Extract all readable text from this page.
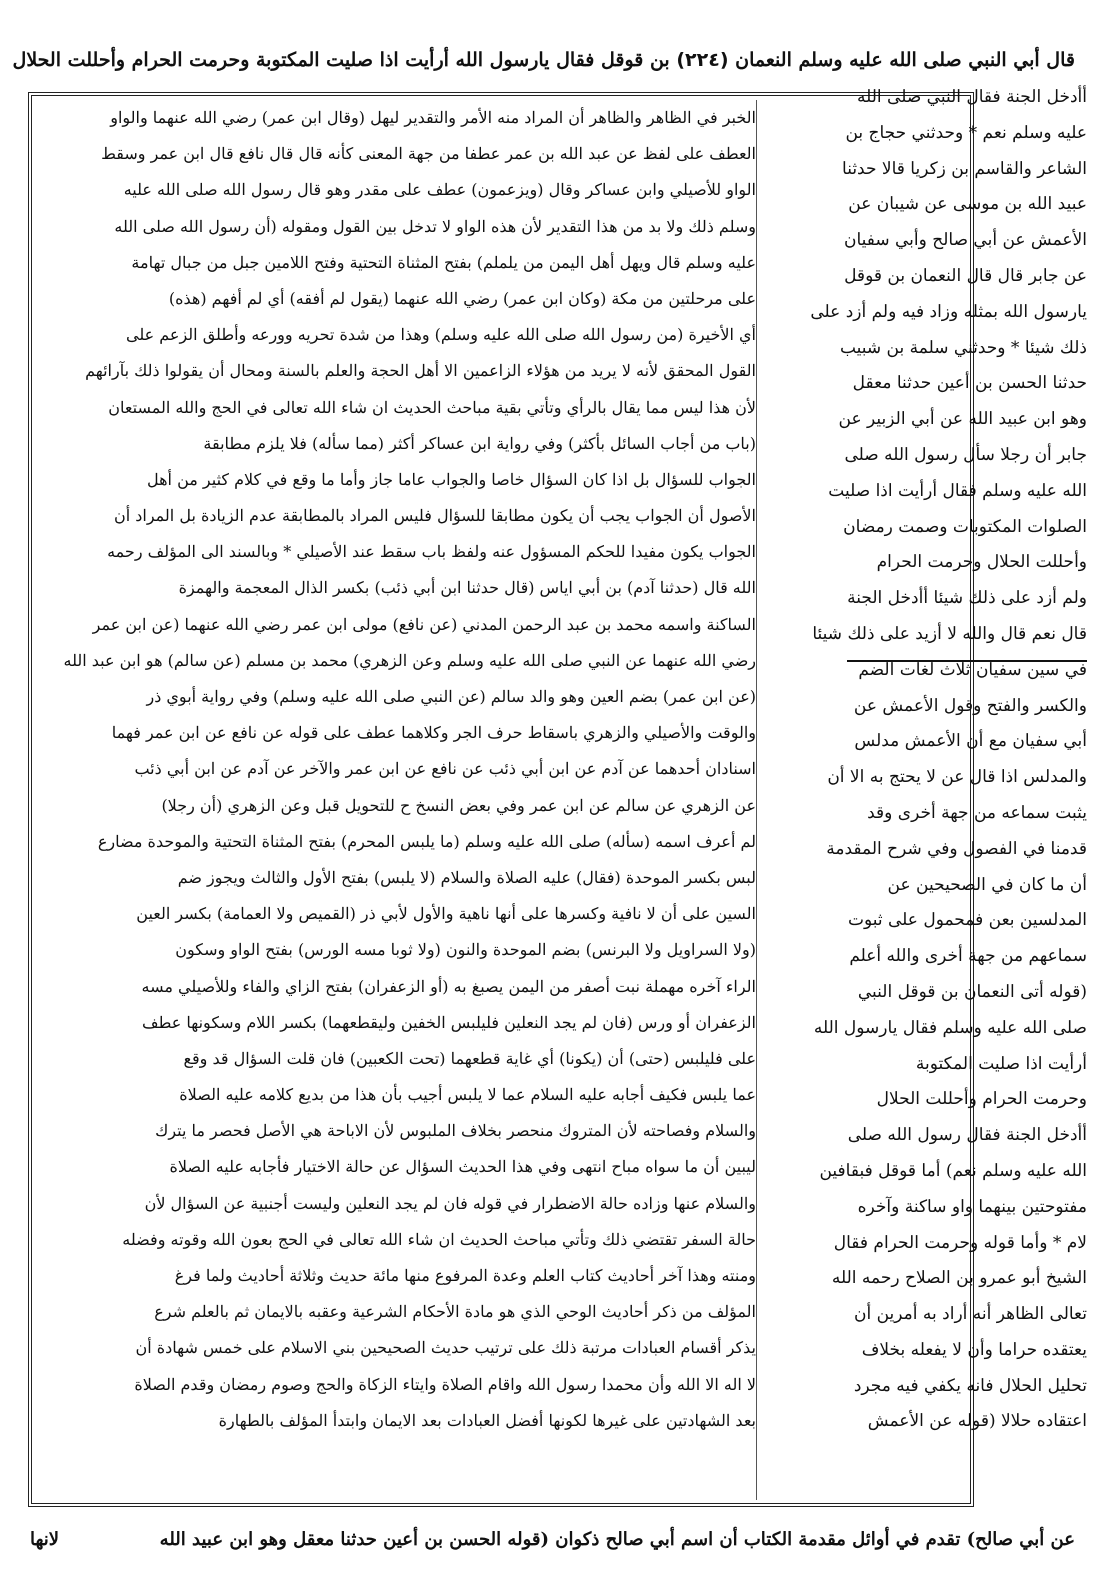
قال أبي النبي صلى الله عليه وسلم النعمان (٢٢٤) بن قوقل فقال يارسول الله أرأيت اذا صليت المكتوبة وحرمت الحرام وأحللت الحلال
أأدخل الجنة فقال النبي صلى الله
عليه وسلم نعم * وحدثني حجاج بن
الشاعر والقاسم بن زكريا قالا حدثنا
عبيد الله بن موسى عن شيبان عن
الأعمش عن أبي صالح وأبي سفيان
عن جابر قال قال النعمان بن قوقل
يارسول الله بمثله وزاد فيه ولم أزد على
ذلك شيئا * وحدثني سلمة بن شبيب
حدثنا الحسن بن أعين حدثنا معقل
وهو ابن عبيد الله عن أبي الزبير عن
جابر أن رجلا سأل رسول الله صلى
الله عليه وسلم فقال أرأيت اذا صليت
الصلوات المكتوبات وصمت رمضان
وأحللت الحلال وحرمت الحرام
ولم أزد على ذلك شيئا أأدخل الجنة
قال نعم قال والله لا أزيد على ذلك شيئا
في سين سفيان ثلاث لغات الضم
والكسر والفتح وقول الأعمش عن
أبي سفيان مع أن الأعمش مدلس
والمدلس اذا قال عن لا يحتج به الا أن
يثبت سماعه من جهة أخرى وقد
قدمنا في الفصول وفي شرح المقدمة
أن ما كان في الصحيحين عن
المدلسين بعن فمحمول على ثبوت
سماعهم من جهة أخرى والله أعلم
(قوله أتى النعمان بن قوقل النبي
صلى الله عليه وسلم فقال يارسول الله
أرأيت اذا صليت المكتوبة
وحرمت الحرام وأحللت الحلال
أأدخل الجنة فقال رسول الله صلى
الله عليه وسلم نعم) أما قوقل فبقافين
مفتوحتين بينهما واو ساكنة وآخره
لام * وأما قوله وحرمت الحرام فقال
الشيخ أبو عمرو بن الصلاح رحمه الله
تعالى الظاهر أنه أراد به أمرين أن
يعتقده حراما وأن لا يفعله بخلاف
تحليل الحلال فانه يكفي فيه مجرد
اعتقاده حلالا (قوله عن الأعمش
الخبر في الظاهر والظاهر أن المراد منه الأمر والتقدير ليهل (وقال ابن عمر) رضي الله عنهما والواو
العطف على لفظ عن عبد الله بن عمر عطفا من جهة المعنى كأنه قال قال نافع قال ابن عمر وسقط
الواو للأصيلي وابن عساكر وقال (ويزعمون) عطف على مقدر وهو قال رسول الله صلى الله عليه
وسلم ذلك ولا بد من هذا التقدير لأن هذه الواو لا تدخل بين القول ومقوله (أن رسول الله صلى الله
عليه وسلم قال ويهل أهل اليمن من يلملم) بفتح المثناة التحتية وفتح اللامين جبل من جبال تهامة
على مرحلتين من مكة (وكان ابن عمر) رضي الله عنهما (يقول لم أفقه) أي لم أفهم (هذه)
أي الأخيرة (من رسول الله صلى الله عليه وسلم) وهذا من شدة تحريه وورعه وأطلق الزعم على
القول المحقق لأنه لا يريد من هؤلاء الزاعمين الا أهل الحجة والعلم بالسنة ومحال أن يقولوا ذلك بآرائهم
لأن هذا ليس مما يقال بالرأي وتأتي بقية مباحث الحديث ان شاء الله تعالى في الحج والله المستعان
(باب من أجاب السائل بأكثر) وفي رواية ابن عساكر أكثر (مما سأله) فلا يلزم مطابقة
الجواب للسؤال بل اذا كان السؤال خاصا والجواب عاما جاز وأما ما وقع في كلام كثير من أهل
الأصول أن الجواب يجب أن يكون مطابقا للسؤال فليس المراد بالمطابقة عدم الزيادة بل المراد أن
الجواب يكون مفيدا للحكم المسؤول عنه ولفظ باب سقط عند الأصيلي * وبالسند الى المؤلف رحمه
الله قال (حدثنا آدم) بن أبي اياس (قال حدثنا ابن أبي ذئب) بكسر الذال المعجمة والهمزة
الساكنة واسمه محمد بن عبد الرحمن المدني (عن نافع) مولى ابن عمر رضي الله عنهما (عن ابن عمر
رضي الله عنهما عن النبي صلى الله عليه وسلم وعن الزهري) محمد بن مسلم (عن سالم) هو ابن عبد الله
(عن ابن عمر) بضم العين وهو والد سالم (عن النبي صلى الله عليه وسلم) وفي رواية أبوي ذر
والوقت والأصيلي والزهري باسقاط حرف الجر وكلاهما عطف على قوله عن نافع عن ابن عمر فهما
اسنادان أحدهما عن آدم عن ابن أبي ذئب عن نافع عن ابن عمر والآخر عن آدم عن ابن أبي ذئب
عن الزهري عن سالم عن ابن عمر وفي بعض النسخ ح للتحويل قبل وعن الزهري (أن رجلا)
لم أعرف اسمه (سأله) صلى الله عليه وسلم (ما يلبس المحرم) بفتح المثناة التحتية والموحدة مضارع
لبس بكسر الموحدة (فقال) عليه الصلاة والسلام (لا يلبس) بفتح الأول والثالث ويجوز ضم
السين على أن لا نافية وكسرها على أنها ناهية والأول لأبي ذر (القميص ولا العمامة) بكسر العين
(ولا السراويل ولا البرنس) بضم الموحدة والنون (ولا ثوبا مسه الورس) بفتح الواو وسكون
الراء آخره مهملة نبت أصفر من اليمن يصبغ به (أو الزعفران) بفتح الزاي والفاء وللأصيلي مسه
الزعفران أو ورس (فان لم يجد النعلين فليلبس الخفين وليقطعهما) بكسر اللام وسكونها عطف
على فليلبس (حتى) أن (يكونا) أي غاية قطعهما (تحت الكعبين) فان قلت السؤال قد وقع
عما يلبس فكيف أجابه عليه السلام عما لا يلبس أجيب بأن هذا من بديع كلامه عليه الصلاة
والسلام وفصاحته لأن المتروك منحصر بخلاف الملبوس لأن الاباحة هي الأصل فحصر ما يترك
ليبين أن ما سواه مباح انتهى وفي هذا الحديث السؤال عن حالة الاختيار فأجابه عليه الصلاة
والسلام عنها وزاده حالة الاضطرار في قوله فان لم يجد النعلين وليست أجنبية عن السؤال لأن
حالة السفر تقتضي ذلك وتأتي مباحث الحديث ان شاء الله تعالى في الحج بعون الله وقوته وفضله
ومنته وهذا آخر أحاديث كتاب العلم وعدة المرفوع منها مائة حديث وثلاثة أحاديث ولما فرغ
المؤلف من ذكر أحاديث الوحي الذي هو مادة الأحكام الشرعية وعقبه بالايمان ثم بالعلم شرع
يذكر أقسام العبادات مرتبة ذلك على ترتيب حديث الصحيحين بني الاسلام على خمس شهادة أن
لا اله الا الله وأن محمدا رسول الله واقام الصلاة وايتاء الزكاة والحج وصوم رمضان وقدم الصلاة
بعد الشهادتين على غيرها لكونها أفضل العبادات بعد الايمان وابتدأ المؤلف بالطهارة
عن أبي صالح) تقدم في أوائل مقدمة الكتاب أن اسم أبي صالح ذكوان (قوله الحسن بن أعين حدثنا معقل وهو ابن عبيد الله
لانها
